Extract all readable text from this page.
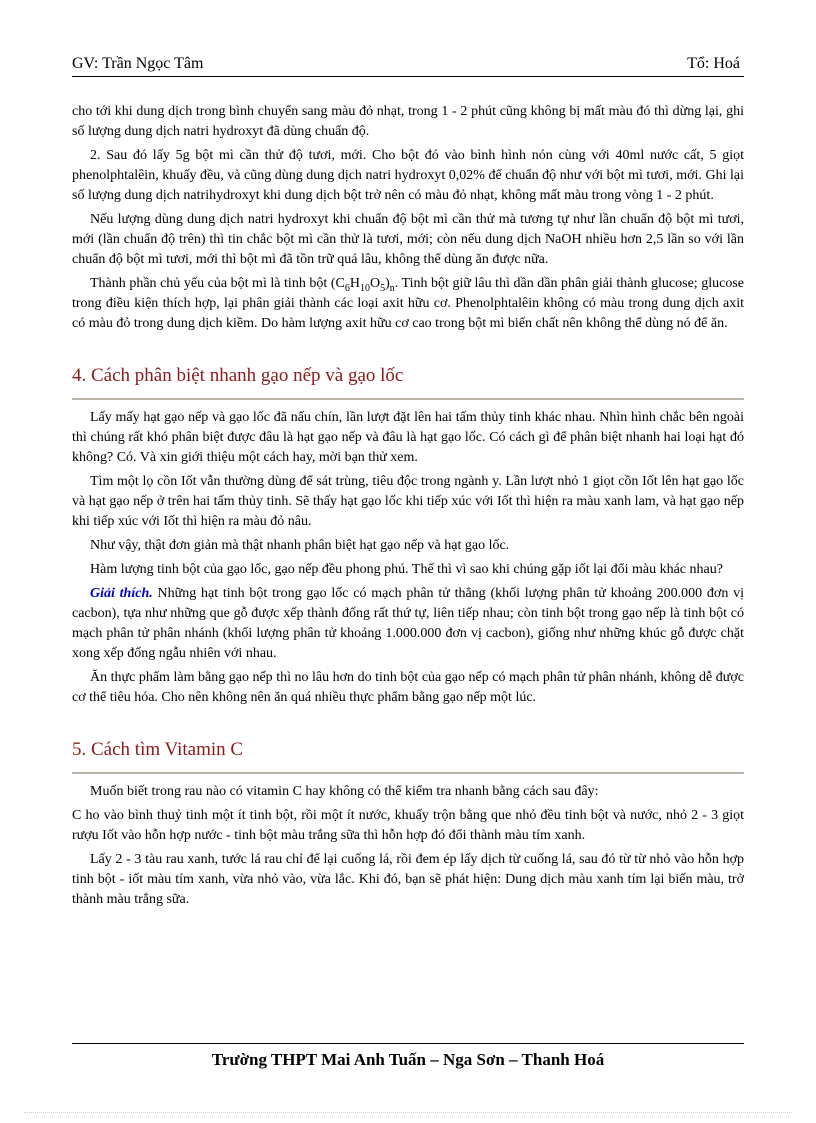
GV: Trần Ngọc Tâm	Tổ: Hoá

cho tới khi dung dịch trong bình chuyển sang màu đỏ nhạt, trong 1 - 2 phút cũng không bị mất màu đó thì dừng lại, ghi số lượng dung dịch natri hydroxyt đã dùng chuẩn độ.

2. Sau đó lấy 5g bột mì cần thử độ tươi, mới. Cho bột đó vào bình hình nón cùng với 40ml nước cất, 5 giọt phenolphtalêin, khuấy đều, và cũng dùng dung dịch natri hydroxyt 0,02% để chuẩn độ như với bột mì tươi, mới. Ghi lại số lượng dung dịch natrihydroxyt khi dung dịch bột trở nên có màu đỏ nhạt, không mất màu trong vòng 1 - 2 phút.

Nếu lượng dùng dung dịch natri hydroxyt khi chuẩn độ bột mì cần thử mà tương tự như lần chuẩn độ bột mì tươi, mới (lần chuẩn độ trên) thì tin chắc bột mì cần thử là tươi, mới; còn nếu dung dịch NaOH nhiều hơn 2,5 lần so với lần chuẩn độ bột mì tươi, mới thì bột mì đã tồn trữ quá lâu, không thể dùng ăn được nữa.

Thành phần chủ yếu của bột mì là tinh bột $(C_6H_{10}O_5)_n$. Tinh bột giữ lâu thì dần dần phân giải thành glucose; glucose trong điều kiện thích hợp, lại phân giải thành các loại axit hữu cơ. Phenolphtalêin không có màu trong dung dịch axit có màu đỏ trong dung dịch kiềm. Do hàm lượng axit hữu cơ cao trong bột mì biến chất nên không thể dùng nó để ăn.

4. Cách phân biệt nhanh gạo nếp và gạo lốc

Lấy mấy hạt gạo nếp và gạo lốc đã nấu chín, lần lượt đặt lên hai tấm thủy tinh khác nhau. Nhìn hình chắc bên ngoài thì chúng rất khó phân biệt được đâu là hạt gạo nếp và đâu là hạt gạo lốc. Có cách gì để phân biệt nhanh hai loại hạt đó không? Có. Và xin giới thiệu một cách hay, mời bạn thử xem.

Tìm một lọ cồn Iốt vẫn thường dùng để sát trùng, tiêu độc trong ngành y. Lần lượt nhỏ 1 giọt cồn Iốt lên hạt gạo lốc và hạt gạo nếp ở trên hai tấm thủy tinh. Sẽ thấy hạt gạo lốc khi tiếp xúc với Iốt thì hiện ra màu xanh lam, và hạt gạo nếp khi tiếp xúc với Iốt thì hiện ra màu đỏ nâu.

Như vậy, thật đơn giản mà thật nhanh phân biệt hạt gạo nếp và hạt gạo lốc.

Hàm lượng tinh bột của gạo lốc, gạo nếp đều phong phú. Thế thì vì sao khi chúng gặp iốt lại đổi màu khác nhau?

Giải thích. Những hạt tinh bột trong gạo lốc có mạch phân tử thẳng (khối lượng phân tử khoảng 200.000 đơn vị cacbon), tựa như những que gỗ được xếp thành đống rất thứ tự, liên tiếp nhau; còn tinh bột trong gạo nếp là tinh bột có mạch phân tử phân nhánh (khối lượng phân tử khoảng 1.000.000 đơn vị cacbon), giống như những khúc gỗ được chặt xong xếp đống ngẫu nhiên với nhau.

Ăn thực phẩm làm bằng gạo nếp thì no lâu hơn do tinh bột của gạo nếp có mạch phân tử phân nhánh, không dễ được cơ thể tiêu hóa. Cho nên không nên ăn quá nhiều thực phẩm bằng gạo nếp một lúc.

5. Cách tìm Vitamin C

Muốn biết trong rau nào có vitamin C hay không có thể kiểm tra nhanh bằng cách sau đây:

C ho vào bình thuỷ tinh một ít tinh bột, rồi một ít nước, khuấy trộn bằng que nhỏ đều tinh bột và nước, nhỏ 2 - 3 giọt rượu Iốt vào hỗn hợp nước - tinh bột màu trắng sữa thì hỗn hợp đó đổi thành màu tím xanh.

Lấy 2 - 3 tàu rau xanh, tước lá rau chỉ để lại cuống lá, rồi đem ép lấy dịch từ cuống lá, sau đó từ từ nhỏ vào hỗn hợp tinh bột - iốt màu tím xanh, vừa nhỏ vào, vừa lắc. Khi đó, bạn sẽ phát hiện: Dung dịch màu xanh tím lại biến màu, trở thành màu trắng sữa.

Trường THPT Mai Anh Tuấn – Nga Sơn – Thanh Hoá
